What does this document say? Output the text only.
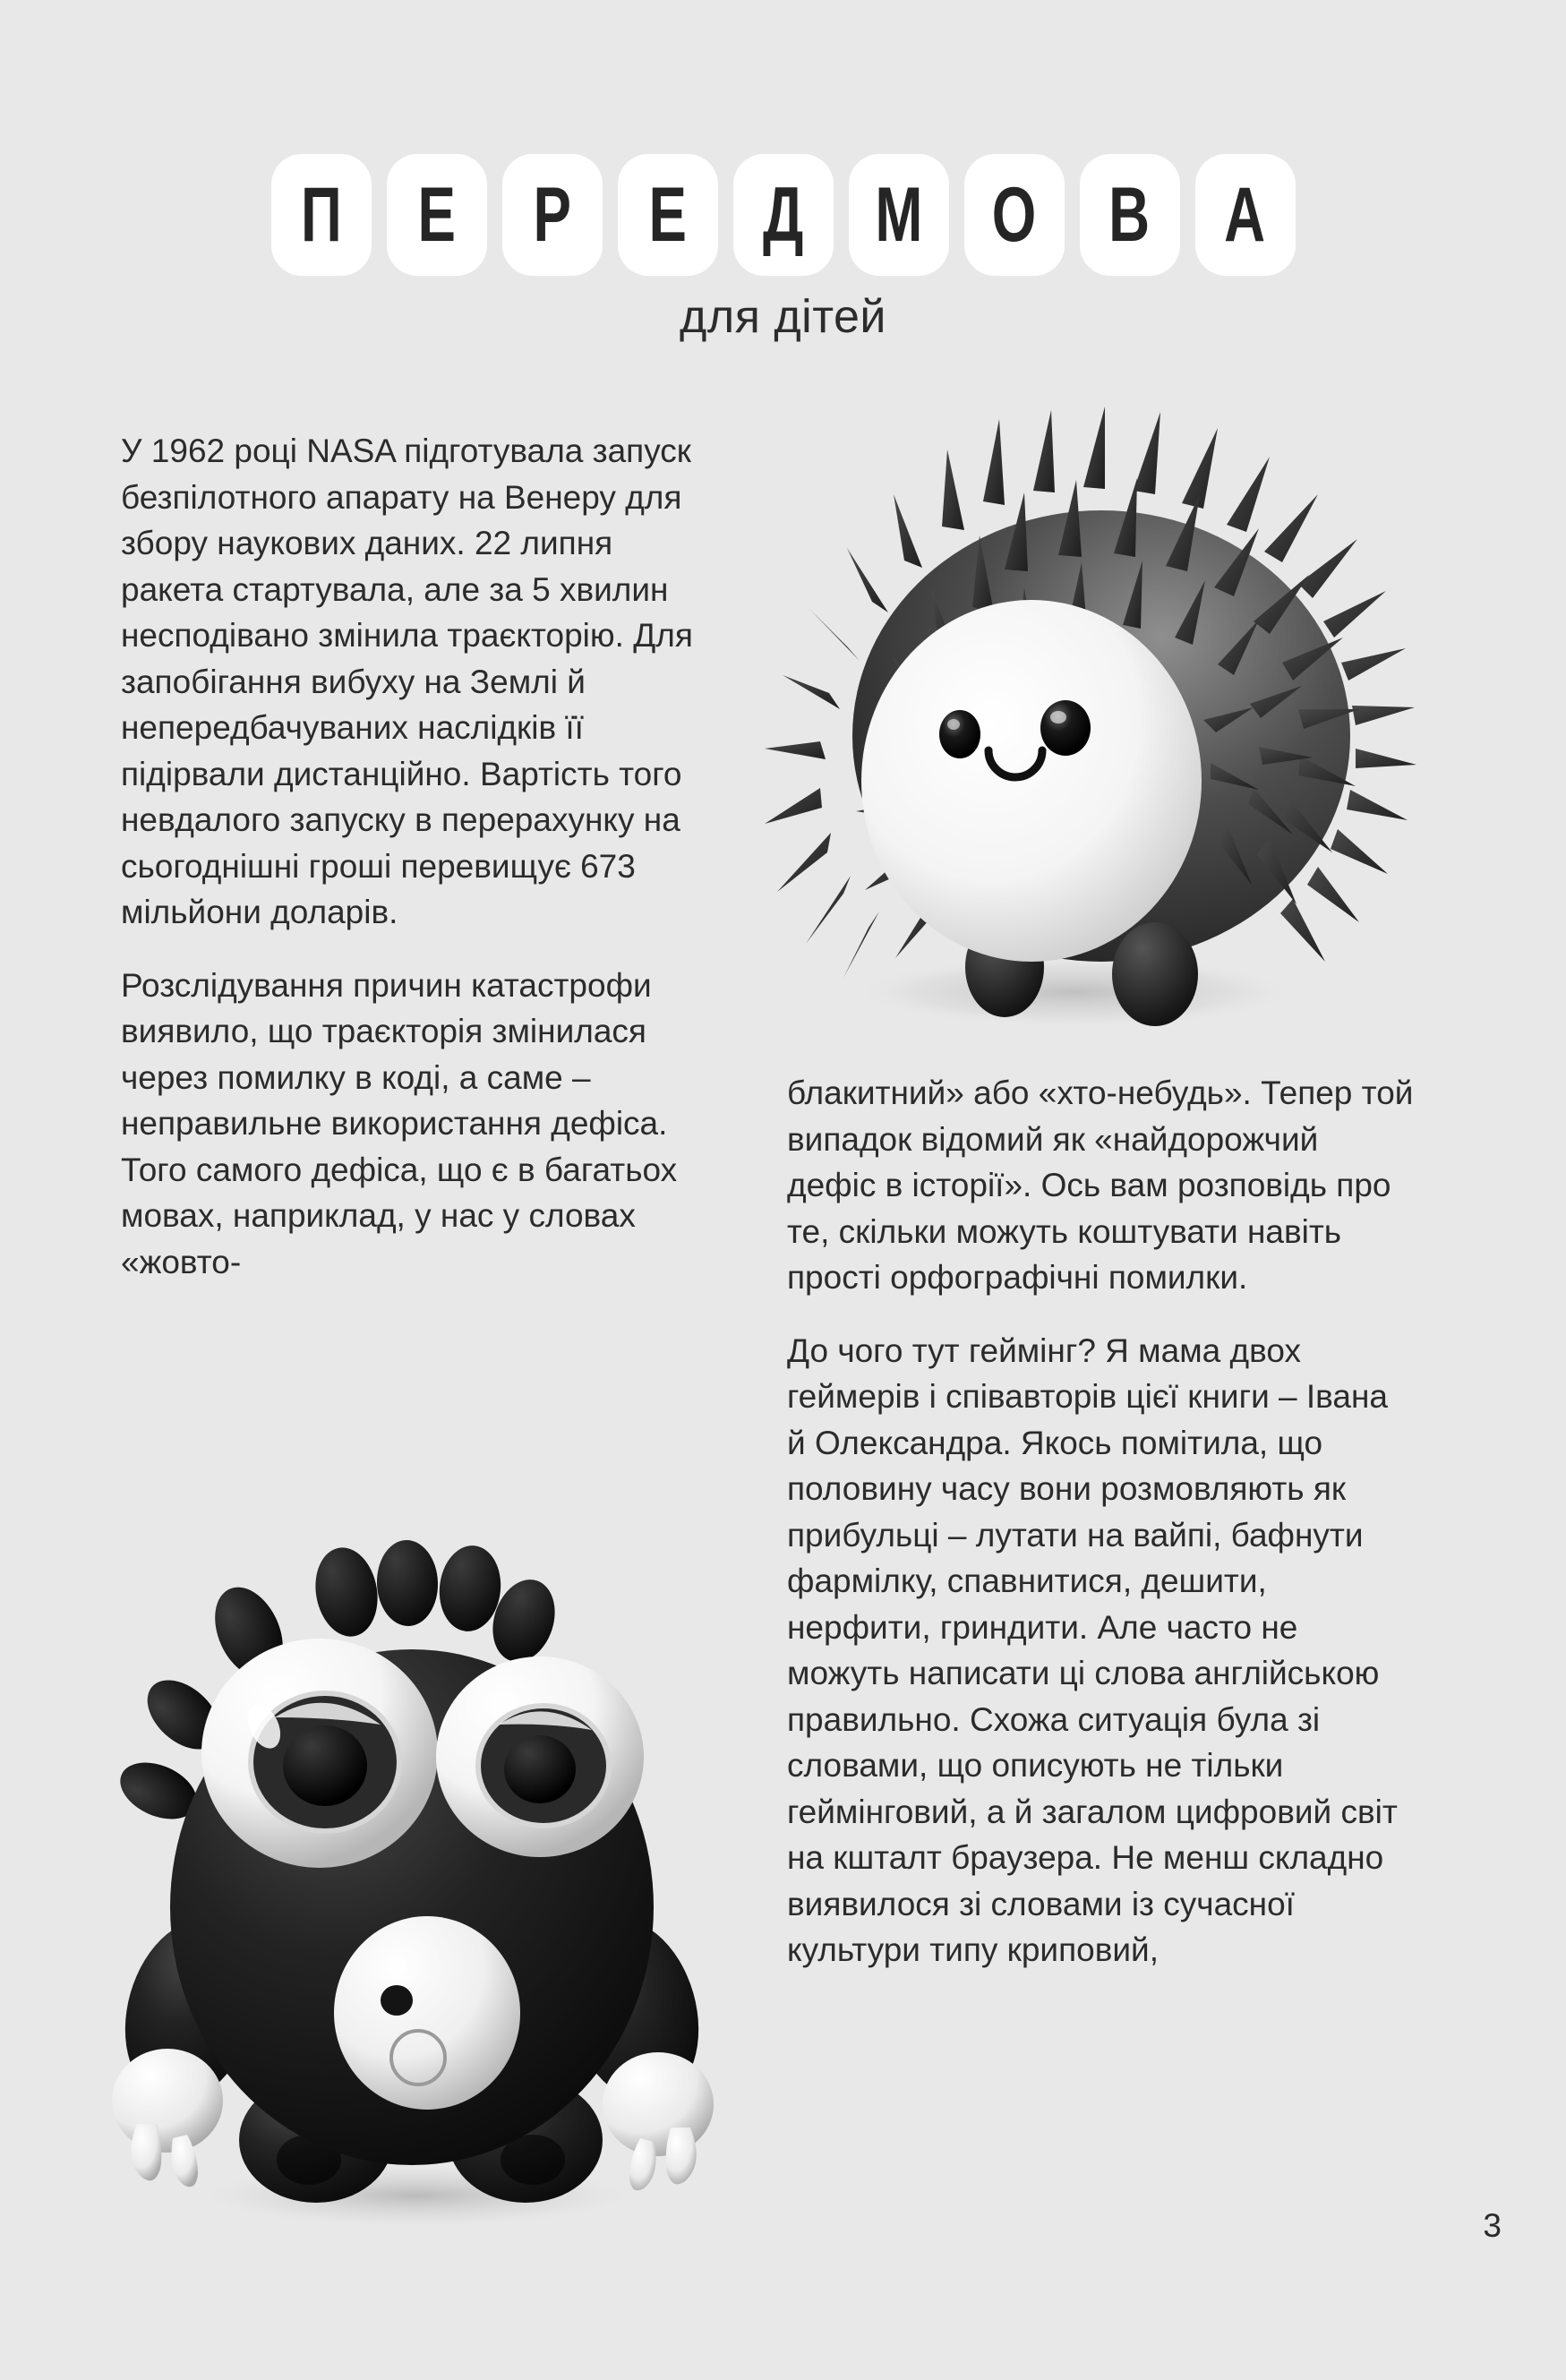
П Е Р Е Д М О В А
для дітей

У 1962 році NASA підготувала запуск безпілотного апарату на Венеру для збору наукових даних. 22 липня ракета стартувала, але за 5 хвилин несподівано змінила траєкторію. Для запобігання вибуху на Землі й непередбачуваних наслідків її підірвали дистанційно. Вартість того невдалого запуску в перерахунку на сьогоднішні гроші перевищує 673 мільйони доларів.

Розслідування причин катастрофи виявило, що траєкторія змінилася через помилку в коді, а саме – неправильне використання дефіса. Того самого дефіса, що є в багатьох мовах, наприклад, у нас у словах «жовто-

блакитний» або «хто-небудь». Тепер той випадок відомий як «найдорожчий дефіс в історії». Ось вам розповідь про те, скільки можуть коштувати навіть прості орфографічні помилки.

До чого тут геймінг? Я мама двох геймерів і співавторів цієї книги – Івана й Олександра. Якось помітила, що половину часу вони розмовляють як прибульці – лутати на вайпі, бафнути фармілку, спавнитися, дешити, нерфити, гриндити. Але часто не можуть написати ці слова англійською правильно. Схожа ситуація була зі словами, що описують не тільки геймінговий, а й загалом цифровий світ на кшталт браузера. Не менш складно виявилося зі словами із сучасної культури типу криповий,

3
